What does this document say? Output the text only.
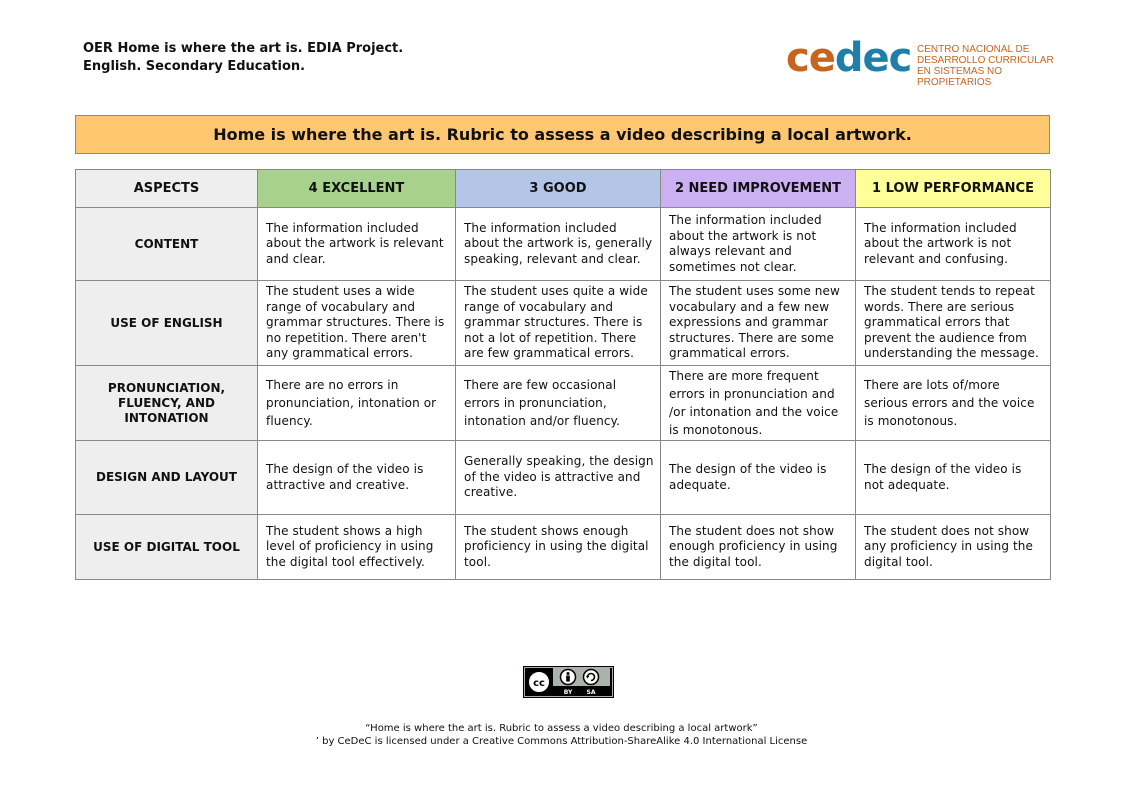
OER Home is where the art is. EDIA Project.
English. Secondary Education.	cedec CENTRO NACIONAL DE
DESARROLLO CURRICULAR
EN SISTEMAS NO PROPIETARIOS
Home is where the art is. Rubric to assess a video describing a local artwork.
ASPECTS	4 EXCELLENT	3 GOOD	2 NEED IMPROVEMENT	1 LOW PERFORMANCE
CONTENT	The information included about the artwork is relevant and clear.	The information included about the artwork is, generally speaking, relevant and clear.	The information included about the artwork is not always relevant and sometimes not clear.	The information included about the artwork is not relevant and confusing.
USE OF ENGLISH	The student uses a wide range of vocabulary and grammar structures. There is no repetition. There aren't any grammatical errors.	The student uses quite a wide range of vocabulary and grammar structures. There is not a lot of repetition. There are few grammatical errors.	The student uses some new vocabulary and a few new expressions and grammar structures. There are some grammatical errors.	The student tends to repeat words. There are serious grammatical errors that prevent the audience from understanding the message.
PRONUNCIATION, FLUENCY, AND INTONATION	There are no errors in pronunciation, intonation or fluency.	There are few occasional errors in pronunciation, intonation and/or fluency.	There are more frequent errors in pronunciation and /or intonation and the voice is monotonous.	There are lots of/more serious errors and the voice is monotonous.
DESIGN AND LAYOUT	The design of the video is attractive and creative.	Generally speaking, the design of the video is attractive and creative.	The design of the video is adequate.	The design of the video is not adequate.
USE OF DIGITAL TOOL	The student shows a high level of proficiency in using the digital tool effectively.	The student shows enough proficiency in using the digital tool.	The student does not show enough proficiency in using the digital tool.	The student does not show any proficiency in using the digital tool.
cc
BY SA
“Home is where the art is. Rubric to assess a video describing a local artwork”
’ by CeDeC is licensed under a Creative Commons Attribution-ShareAlike 4.0 International License
